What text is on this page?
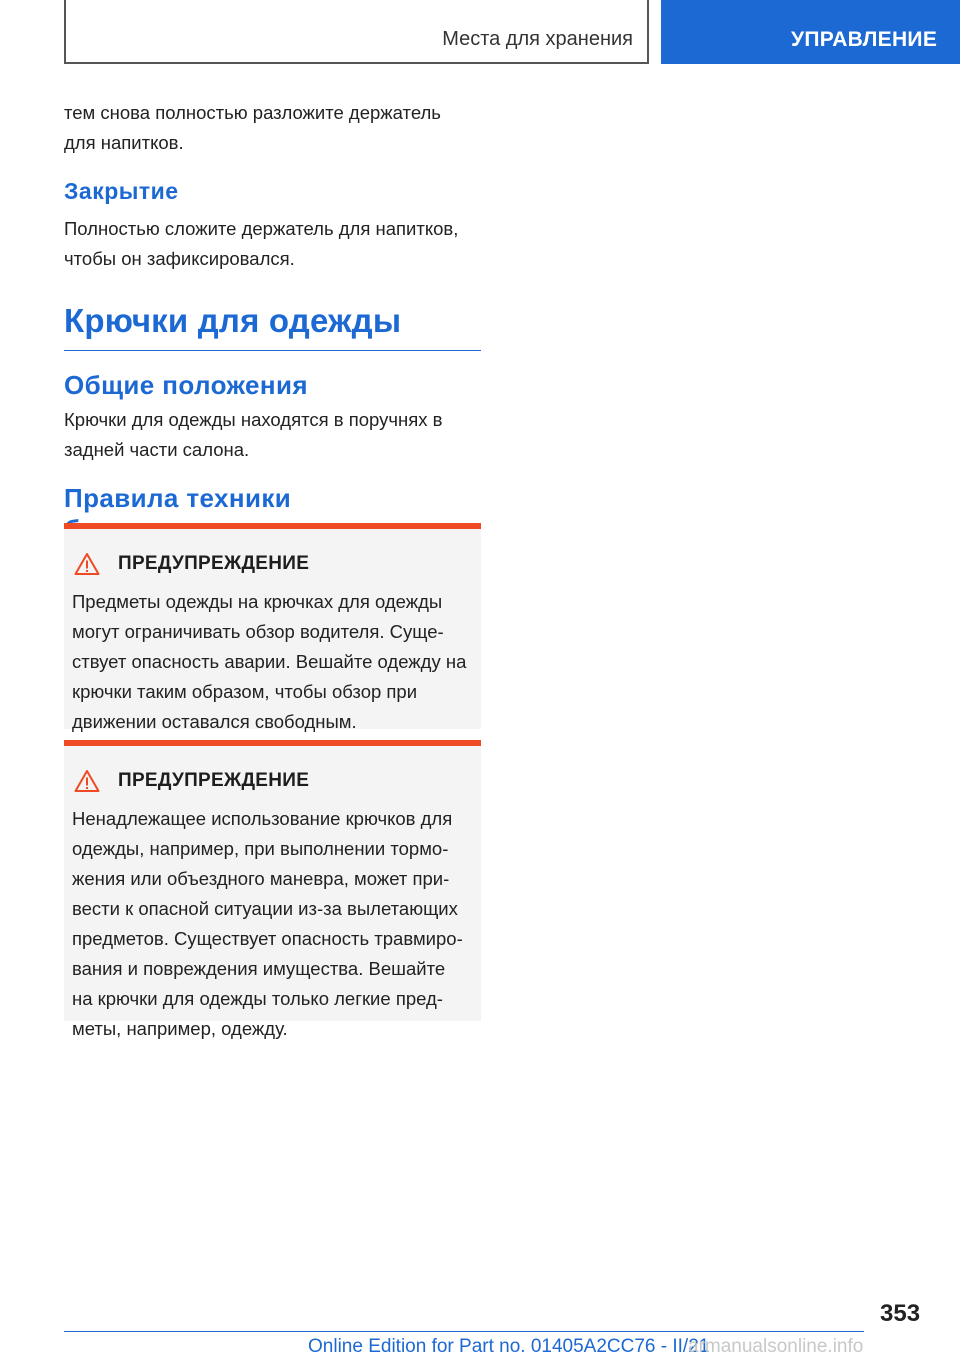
Места для хранения	УПРАВЛЕНИЕ

тем снова полностью разложите держатель

для напитков.

Закрытие

Полностью сложите держатель для напитков,

чтобы он зафиксировался.

Крючки для одежды

Общие положения

Крючки для одежды находятся в поручнях в

задней части салона.

Правила техники

ПРЕДУПРЕЖДЕНИЕ

Предметы одежды на крючках для одежды

могут ограничивать обзор водителя. Суще-

ствует опасность аварии. Вешайте одежду на

крючки таким образом, чтобы обзор при

движении оставался свободным.

ПРЕДУПРЕЖДЕНИЕ

Ненадлежащее использование крючков для

одежды, например, при выполнении тормо-

жения или объездного маневра, может при-

вести к опасной ситуации из-за вылетающих

предметов. Существует опасность травмиро-

вания и повреждения имущества. Вешайте

на крючки для одежды только легкие пред-

меты, например, одежду.

353
Online Edition for Part no. 01405A2CC76 - II/21
armanualsonline.info
